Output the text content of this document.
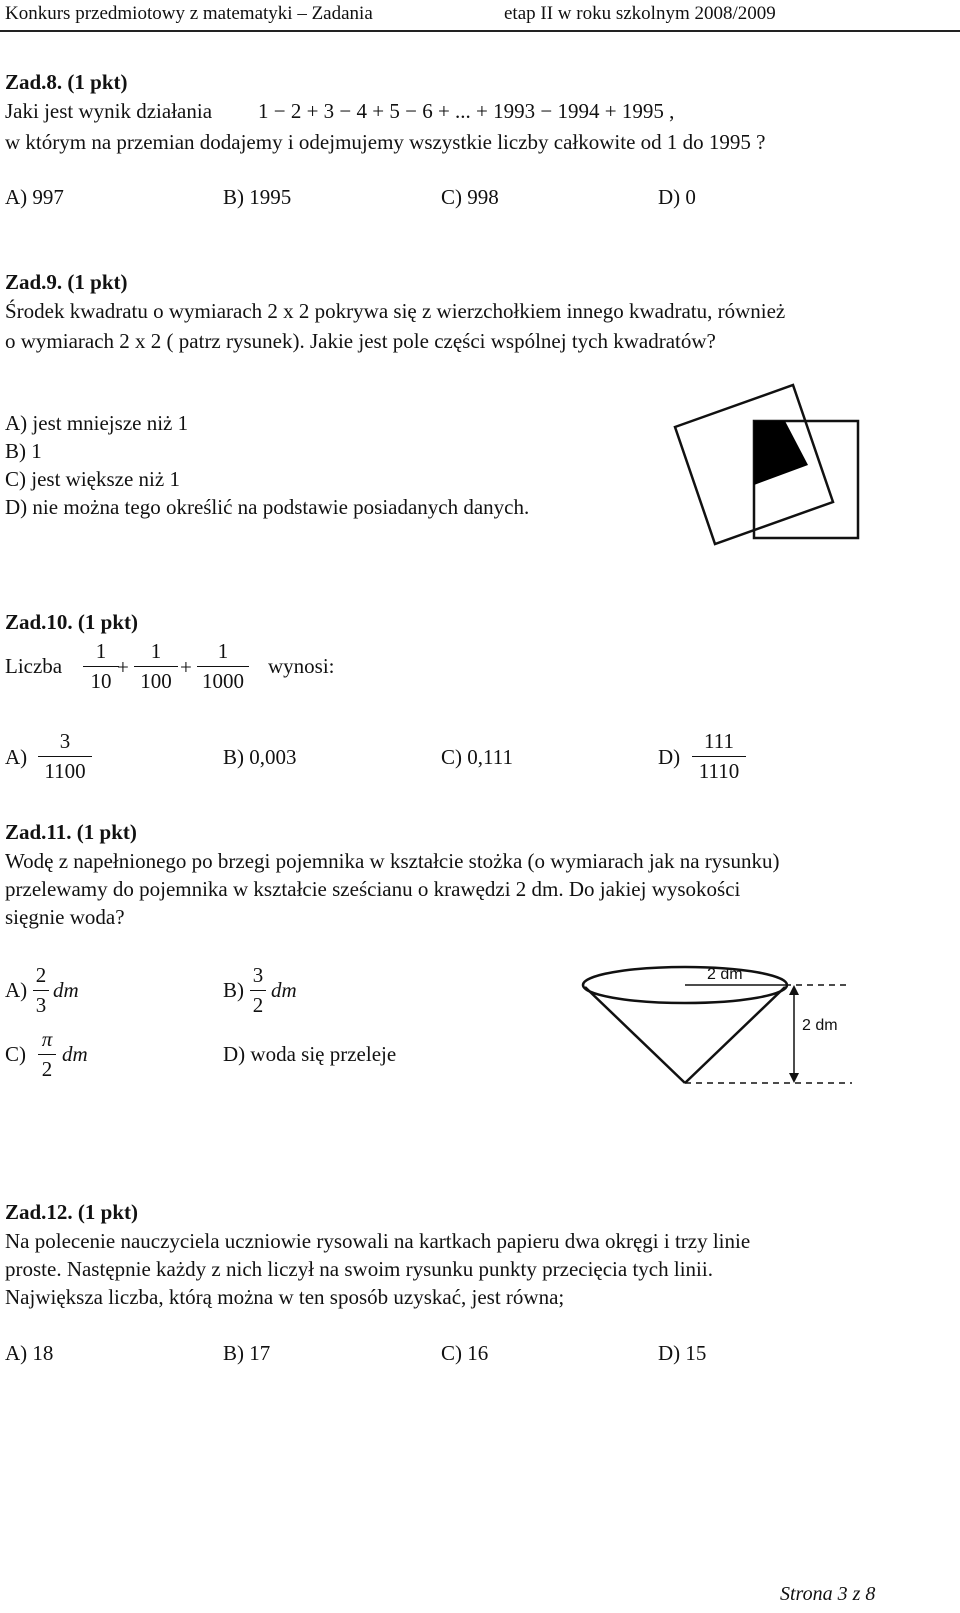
Konkurs przedmiotowy z matematyki – Zadania	etap II w roku szkolnym 2008/2009
Zad.8. (1 pkt)
Jaki jest wynik działania 1 − 2 + 3 − 4 + 5 − 6 + ... + 1993 − 1994 + 1995 ,
w którym na przemian dodajemy i odejmujemy wszystkie liczby całkowite od 1 do 1995 ?
A) 997	B) 1995	C) 998	D) 0
Zad.9. (1 pkt)
Środek kwadratu o wymiarach 2 x 2 pokrywa się z wierzchołkiem innego kwadratu, również
o wymiarach 2 x 2 ( patrz rysunek). Jakie jest pole części wspólnej tych kwadratów?
A) jest mniejsze niż 1
B) 1
C) jest większe niż 1
D) nie można tego określić na podstawie posiadanych danych.
Zad.10. (1 pkt)
Liczba
1
10
+
1
100
+
1
1000
wynosi:
A)
3
1100
B) 0,003	C) 0,111	D)
111
1110
Zad.11. (1 pkt)
Wodę z napełnionego po brzegi pojemnika w kształcie stożka (o wymiarach jak na rysunku)
przelewamy do pojemnika w kształcie sześcianu o krawędzi 2 dm. Do jakiej wysokości
sięgnie woda?
A)
2
3
dm	B)
3
2
dm
C)
π
2
dm	D) woda się przeleje
2 dm
2 dm
Zad.12. (1 pkt)
Na polecenie nauczyciela uczniowie rysowali na kartkach papieru dwa okręgi i trzy linie
proste. Następnie każdy z nich liczył na swoim rysunku punkty przecięcia tych linii.
Największa liczba, którą można w ten sposób uzyskać, jest równa;
A) 18	B) 17	C) 16	D) 15
Strona 3 z 8
